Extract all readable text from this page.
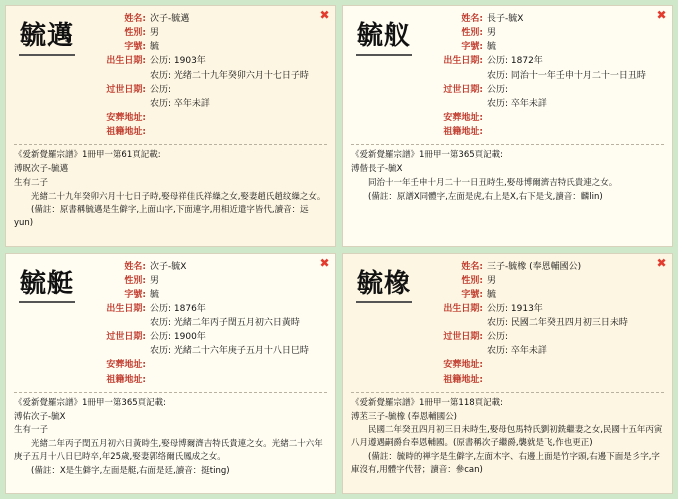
✖
毓邁
姓名:	次子-毓邁
性別:	男
字號:	毓
出生日期:	公历: 1903年
	农历: 光绪二十九年癸卯六月十七日子時
过世日期:	公历:
	农历: 卒年未詳
安葬地址:	
祖籍地址:	

《爱新覺羅宗譜》1冊甲一第61頁記載:

溥眖次子-毓邁

生有二子

　　光緒二十九年癸卯六月十七日子時,娶母祥佳氏祥繰之女,娶妻趙氏趙纹繰之女。

　　(備註：原書稱毓邁是生僻字,上面山字,下面連字,用相近遣字皆代,讀音：远yun)

✖
毓舣
姓名:	長子-毓X
性別:	男
字號:	毓
出生日期:	公历: 1872年
	农历: 同治十一年壬申十月二十一日丑時
过世日期:	公历:
	农历: 卒年未詳
安葬地址:	
祖籍地址:	

《爱新覺羅宗譜》1冊甲一第365頁記載:

溥偕長子-毓X

　　同治十一年壬申十月二十一日丑時生,娶母博爾濟吉特氏貴連之女。

　　(備註：原譜X同體字,左面是虎,右上是X,右下是戈,讀音：麟lin)

✖
毓艇
姓名:	次子-毓X
性別:	男
字號:	毓
出生日期:	公历: 1876年
	农历: 光緒二年丙子閏五月初六日黃時
过世日期:	公历: 1900年
	农历: 光緒二十六年庚子五月十八日巳時
安葬地址:	
祖籍地址:	

《爱新覺羅宗譜》1冊甲一第365頁記載:

溥佑次子-毓X

生有一子

　　光緒二年丙子閏五月初六日黃時生,娶母博爾濟吉特氏貴連之女。光緒二十六年庚子五月十八日巳時卒,年25歲,娶妻郭络爾氏鳳成之女。

　　(備註：X是生僻字,左面是艇,右面是廷,讀音：挺ting)

✖
毓橡
姓名:	三子-毓橡 (奉恩輔國公)
性別:	男
字號:	毓
出生日期:	公历: 1913年
	农历: 民國二年癸丑四月初三日未時
过世日期:	公历:
	农历: 卒年未詳
安葬地址:	
祖籍地址:	

《爱新覺羅宗譜》1冊甲一第118頁記載:

溥苤三子-毓橡 (奉恩輔國公)

　　民國二年癸丑四月初三日未時生,娶母包馬特氏劉初銑繼妻之女,民國十五年丙寅八月遵遇嗣爵台奉恩輔國。(原書稱次子繼爵,襲就是飞,作也更正)

　　(備註：毓時的禅字是生僻字,左面木字、右邊上面是竹字頭,右邊下面是彡字,字庫沒有,用體字代替；讀音：參can)
